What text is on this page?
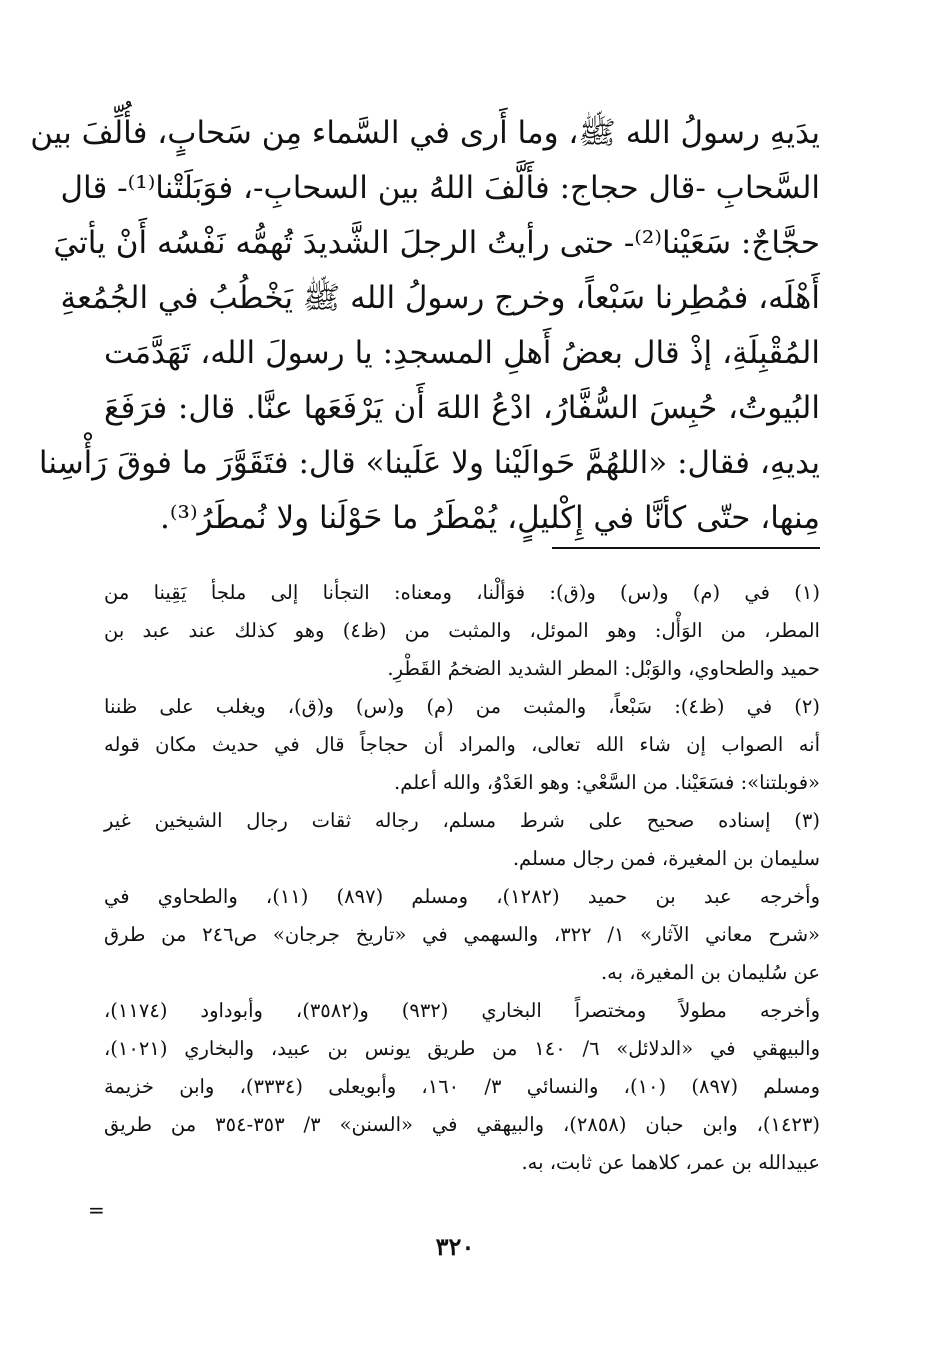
يدَيهِ رسولُ الله ﷺ، وما أَرى في السَّماء مِن سَحابٍ، فأُلِّفَ بين
السَّحابِ -قال حجاج: فأَلَّفَ اللهُ بين السحابِ-، فوَبَلَتْنا⁽¹⁾- قال
حجَّاجٌ: سَعَيْنا⁽²⁾- حتى رأيتُ الرجلَ الشَّديدَ تُهمُّه نَفْسُه أَنْ يأتيَ
أَهْلَه، فمُطِرنا سَبْعاً، وخرج رسولُ الله ﷺ يَخْطُبُ في الجُمُعةِ
المُقْبِلَةِ، إذْ قال بعضُ أَهلِ المسجدِ: يا رسولَ الله، تَهَدَّمَت
البُيوتُ، حُبِسَ السُّفَّارُ، ادْعُ اللهَ أَن يَرْفَعَها عنَّا. قال: فرَفَعَ
يديهِ، فقال: «اللهُمَّ حَوالَيْنا ولا عَلَينا» قال: فتَقَوَّرَ ما فوقَ رَأْسِنا
مِنها، حتّى كأنَّا في إِكْليلٍ، يُمْطَرُ ما حَوْلَنا ولا نُمطَرُ⁽³⁾.
(١) في (م) و(س) و(ق): فوَألْنا، ومعناه: التجأنا إلى ملجأ يَقِينا من
المطر، من الوَأْل: وهو الموئل، والمثبت من (ظ٤) وهو كذلك عند عبد بن
حميد والطحاوي، والوَبْل: المطر الشديد الضخمُ القَطْرِ.
(٢) في (ظ٤): سَبْعاً، والمثبت من (م) و(س) و(ق)، ويغلب على ظننا
أنه الصواب إن شاء الله تعالى، والمراد أن حجاجاً قال في حديث مكان قوله
«فوبلتنا»: فسَعَيْنا. من السَّعْي: وهو العَدْوُ، والله أعلم.
(٣) إسناده صحيح على شرط مسلم، رجاله ثقات رجال الشيخين غير
سليمان بن المغيرة، فمن رجال مسلم.
وأخرجه عبد بن حميد (١٢٨٢)، ومسلم (٨٩٧) (١١)، والطحاوي في
«شرح معاني الآثار» ١/ ٣٢٢، والسهمي في «تاريخ جرجان» ص٢٤٦ من طرق
عن سُليمان بن المغيرة، به.
وأخرجه مطولاً ومختصراً البخاري (٩٣٢) و(٣٥٨٢)، وأبوداود (١١٧٤)،
والبيهقي في «الدلائل» ٦/ ١٤٠ من طريق يونس بن عبيد، والبخاري (١٠٢١)،
ومسلم (٨٩٧) (١٠)، والنسائي ٣/ ١٦٠، وأبويعلى (٣٣٣٤)، وابن خزيمة
(١٤٢٣)، وابن حبان (٢٨٥٨)، والبيهقي في «السنن» ٣/ ٣٥٣-٣٥٤ من طريق
عبيدالله بن عمر، كلاهما عن ثابت، به.
=
٣٢٠
